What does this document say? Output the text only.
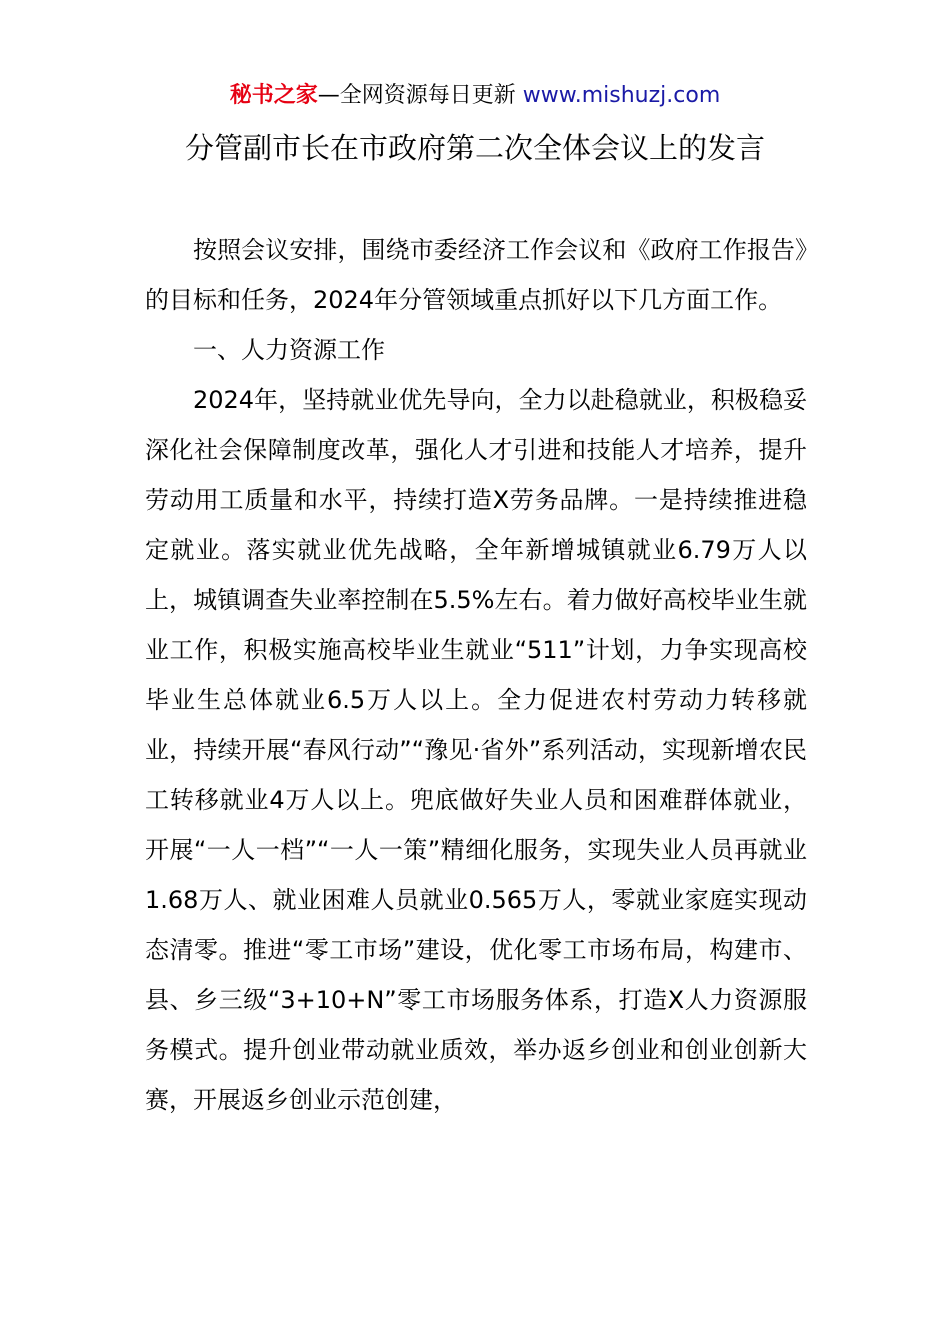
秘书之家—全网资源每日更新 www.mishuzj.com
分管副市长在市政府第二次全体会议上的发言

按照会议安排，围绕市委经济工作会议和《政府工作报告》的目标和任务，2024年分管领域重点抓好以下几方面工作。

一、人力资源工作

2024年，坚持就业优先导向，全力以赴稳就业，积极稳妥深化社会保障制度改革，强化人才引进和技能人才培养，提升劳动用工质量和水平，持续打造X劳务品牌。一是持续推进稳定就业。落实就业优先战略，全年新增城镇就业6.79万人以上，城镇调查失业率控制在5.5%左右。着力做好高校毕业生就业工作，积极实施高校毕业生就业“511”计划，力争实现高校毕业生总体就业6.5万人以上。全力促进农村劳动力转移就业，持续开展“春风行动”“豫见·省外”系列活动，实现新增农民工转移就业4万人以上。兜底做好失业人员和困难群体就业，开展“一人一档”“一人一策”精细化服务，实现失业人员再就业1.68万人、就业困难人员就业0.565万人，零就业家庭实现动态清零。推进“零工市场”建设，优化零工市场布局，构建市、县、乡三级“3+10+N”零工市场服务体系，打造X人力资源服务模式。提升创业带动就业质效，举办返乡创业和创业创新大赛，开展返乡创业示范创建，
